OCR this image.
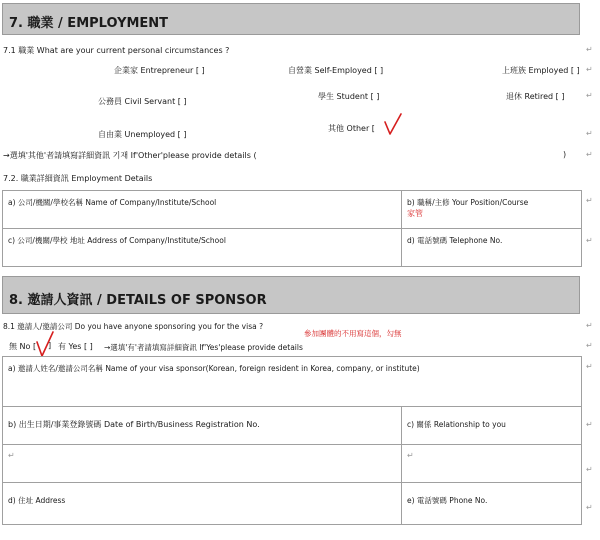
7. 職業 / EMPLOYMENT
7.1 職業 What are your current personal circumstances ?
企業家 Entrepreneur [ ]	自營業 Self-Employed [ ]	上班族 Employed [ ]
公務員 Civil Servant [ ]
學生 Student [ ]	退休 Retired [ ]
自由業 Unemployed [ ]
其他 Other [
→選填'其他'者請填寫詳細資訊 기재 If'Other'please provide details (	)
7.2. 職業詳細資訊 Employment Details
a) 公司/機關/學校名稱 Name of Company/Institute/School	b) 職稱/主修 Your Position/Course
家管
c) 公司/機關/學校 地址 Address of Company/Institute/School	d) 電話號碼 Telephone No.
8. 邀請人資訊 / DETAILS OF SPONSOR
8.1 邀請人/邀請公司 Do you have anyone sponsoring you for the visa ?
參加團體的不用寫這個，勾無
無 No [ ] 有 Yes [ ] →選填'有'者請填寫詳細資訊 If'Yes'please provide details
a) 邀請人姓名/邀請公司名稱 Name of your visa sponsor(Korean, foreign resident in Korea, company, or institute)	
b) 出生日期/事業登錄號碼 Date of Birth/Business Registration No.	c) 關係 Relationship to you
↵	↵
d) 住址 Address	e) 電話號碼 Phone No.
↵
↵
↵
↵
↵
↵
↵
↵
↵
↵
↵
↵
↵
